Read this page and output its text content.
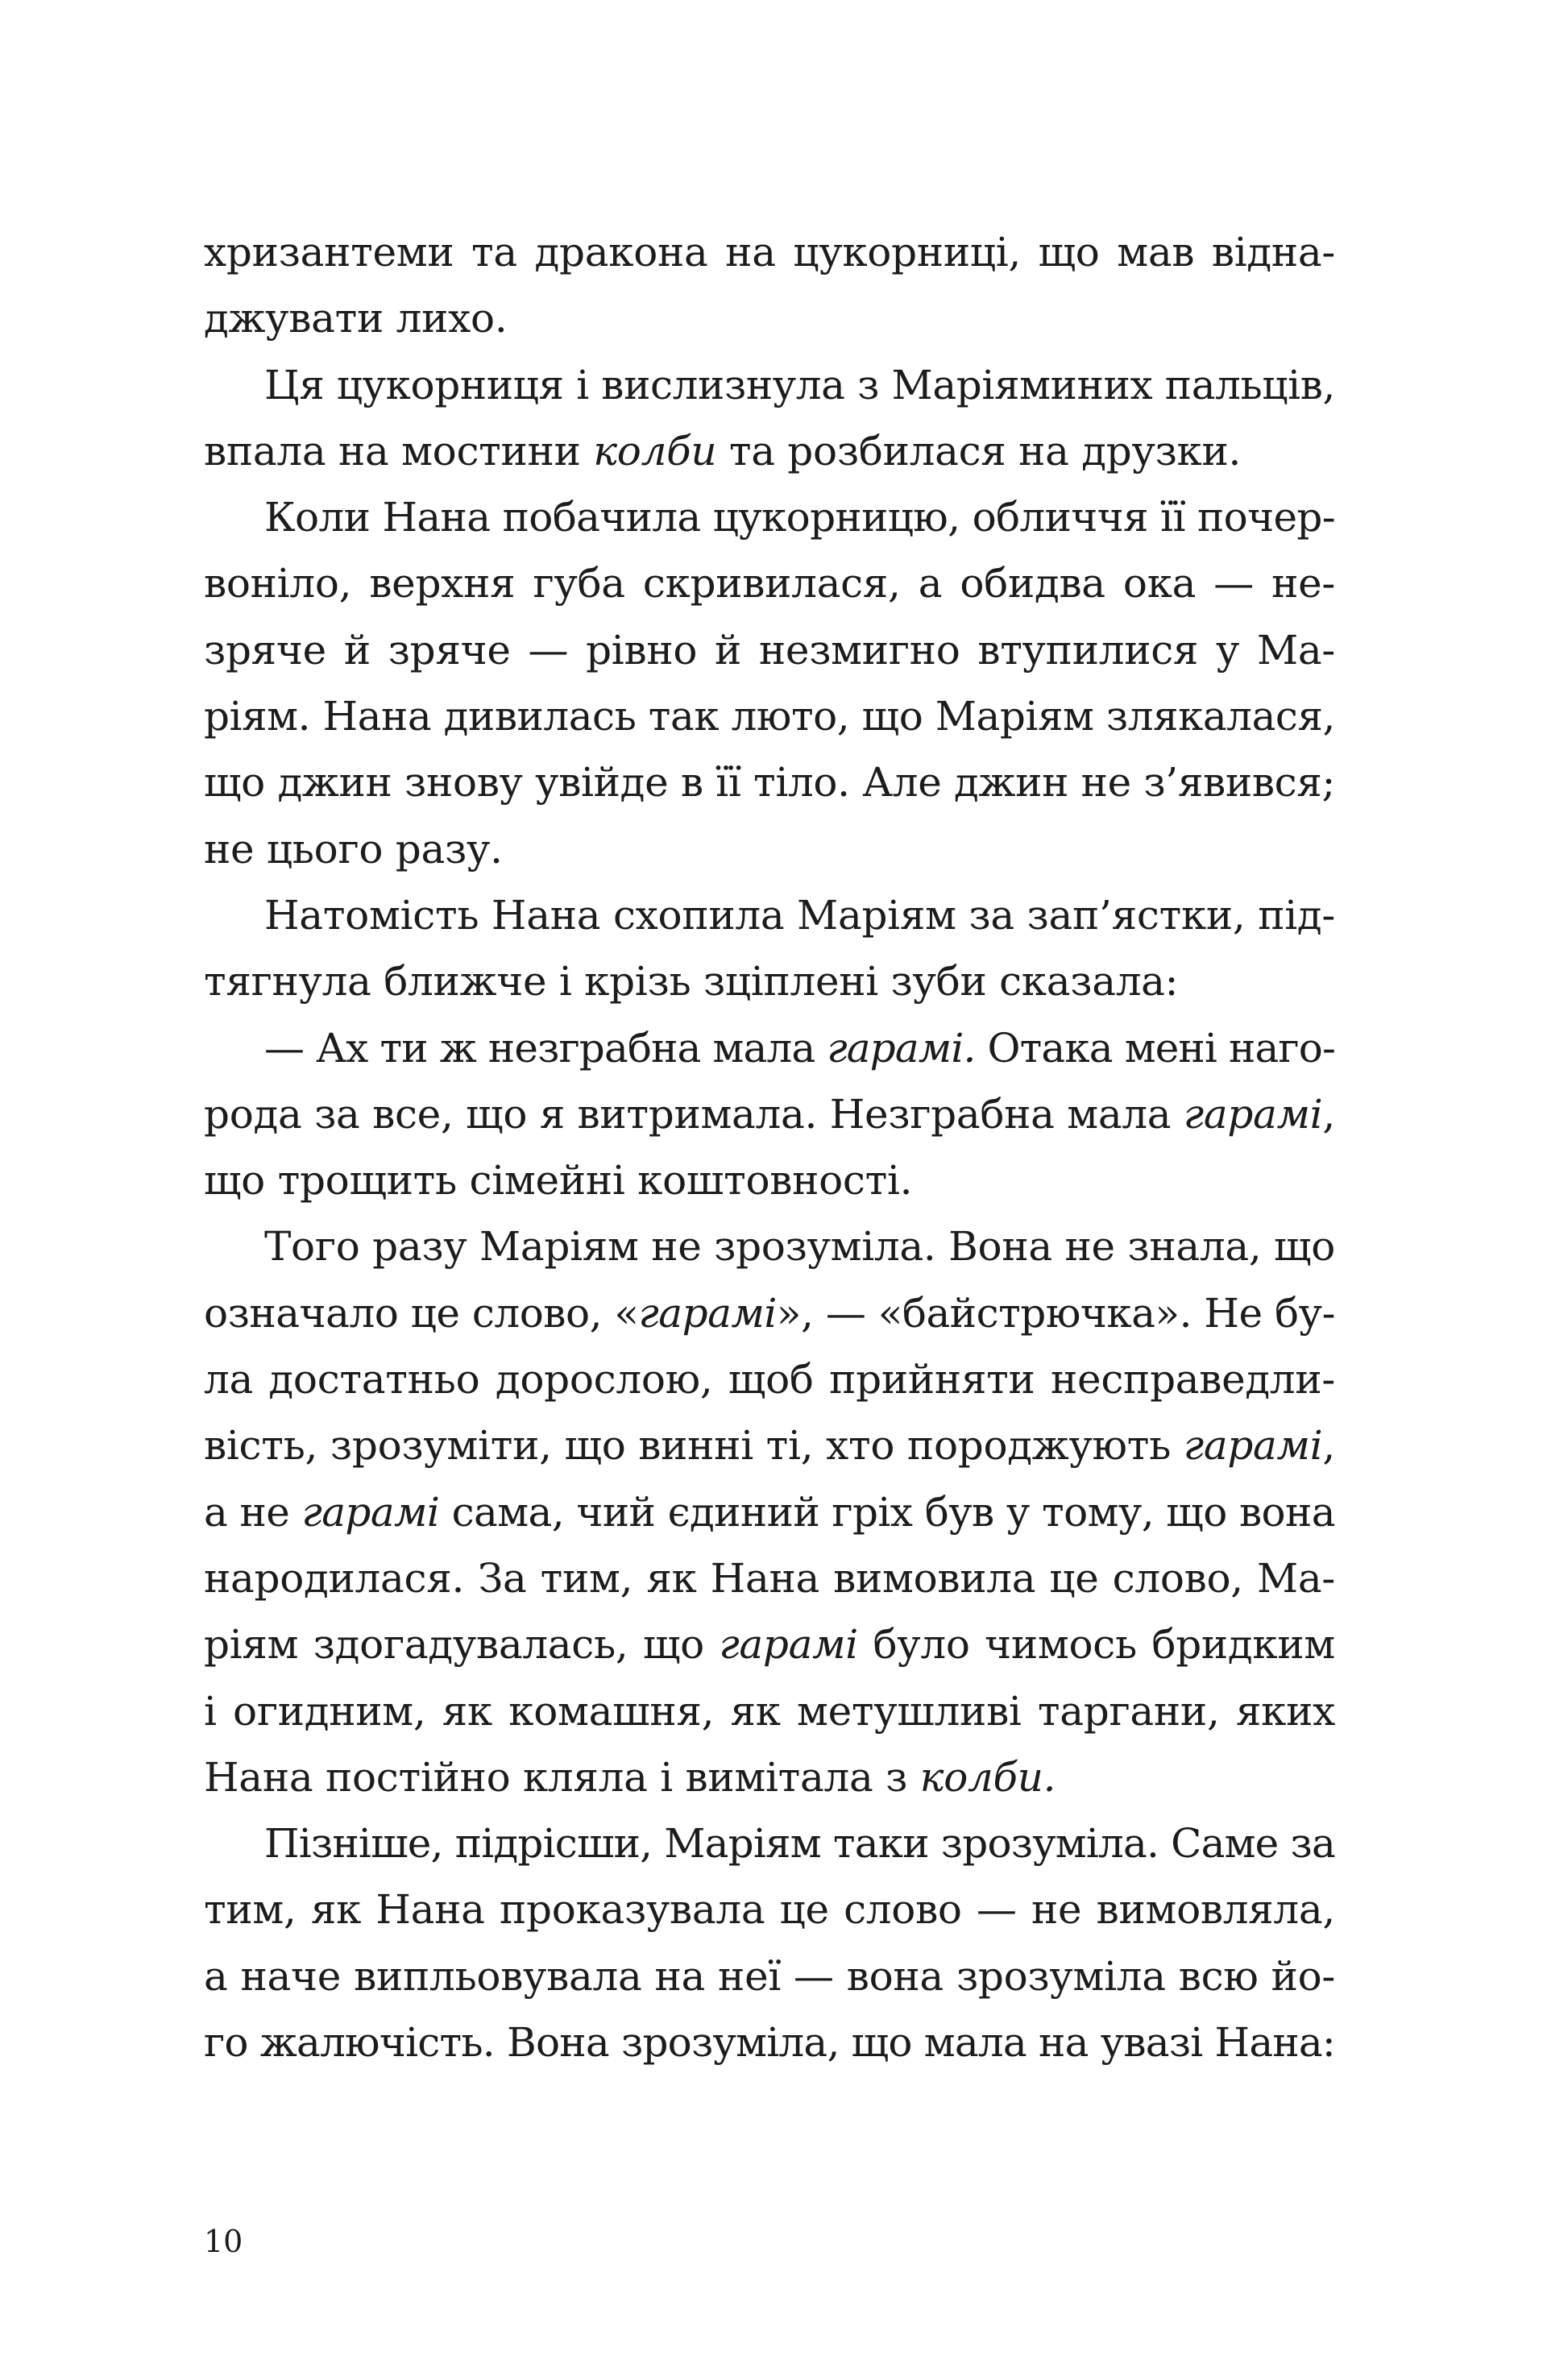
хризантеми та дракона на цукорниці, що мав відна-
джувати лихо.
Ця цукорниця і вислизнула з Маріяминих пальців,
впала на мостини колби та розбилася на друзки.
Коли Нана побачила цукорницю, обличчя її почер-
воніло, верхня губа скривилася, а обидва ока — не-
зряче й зряче — рівно й незмигно втупилися у Ма-
ріям. Нана дивилась так люто, що Маріям злякалася,
що джин знову увійде в її тіло. Але джин не з’явився;
не цього разу.
Натомість Нана схопила Маріям за зап’ястки, під-
тягнула ближче і крізь зціплені зуби сказала:
— Ах ти ж незграбна мала гарамі. Отака мені наго-
рода за все, що я витримала. Незграбна мала гарамі,
що трощить сімейні коштовності.
Того разу Маріям не зрозуміла. Вона не знала, що
означало це слово, «гарамі», — «байстрючка». Не бу-
ла достатньо дорослою, щоб прийняти несправедли-
вість, зрозуміти, що винні ті, хто породжують гарамі,
а не гарамі сама, чий єдиний гріх був у тому, що вона
народилася. За тим, як Нана вимовила це слово, Ма-
ріям здогадувалась, що гарамі було чимось бридким
і огидним, як комашня, як метушливі таргани, яких
Нана постійно кляла і вимітала з колби.
Пізніше, підрісши, Маріям таки зрозуміла. Саме за
тим, як Нана проказувала це слово — не вимовляла,
а наче випльовувала на неї — вона зрозуміла всю йо-
го жалючість. Вона зрозуміла, що мала на увазі Нана:
10
